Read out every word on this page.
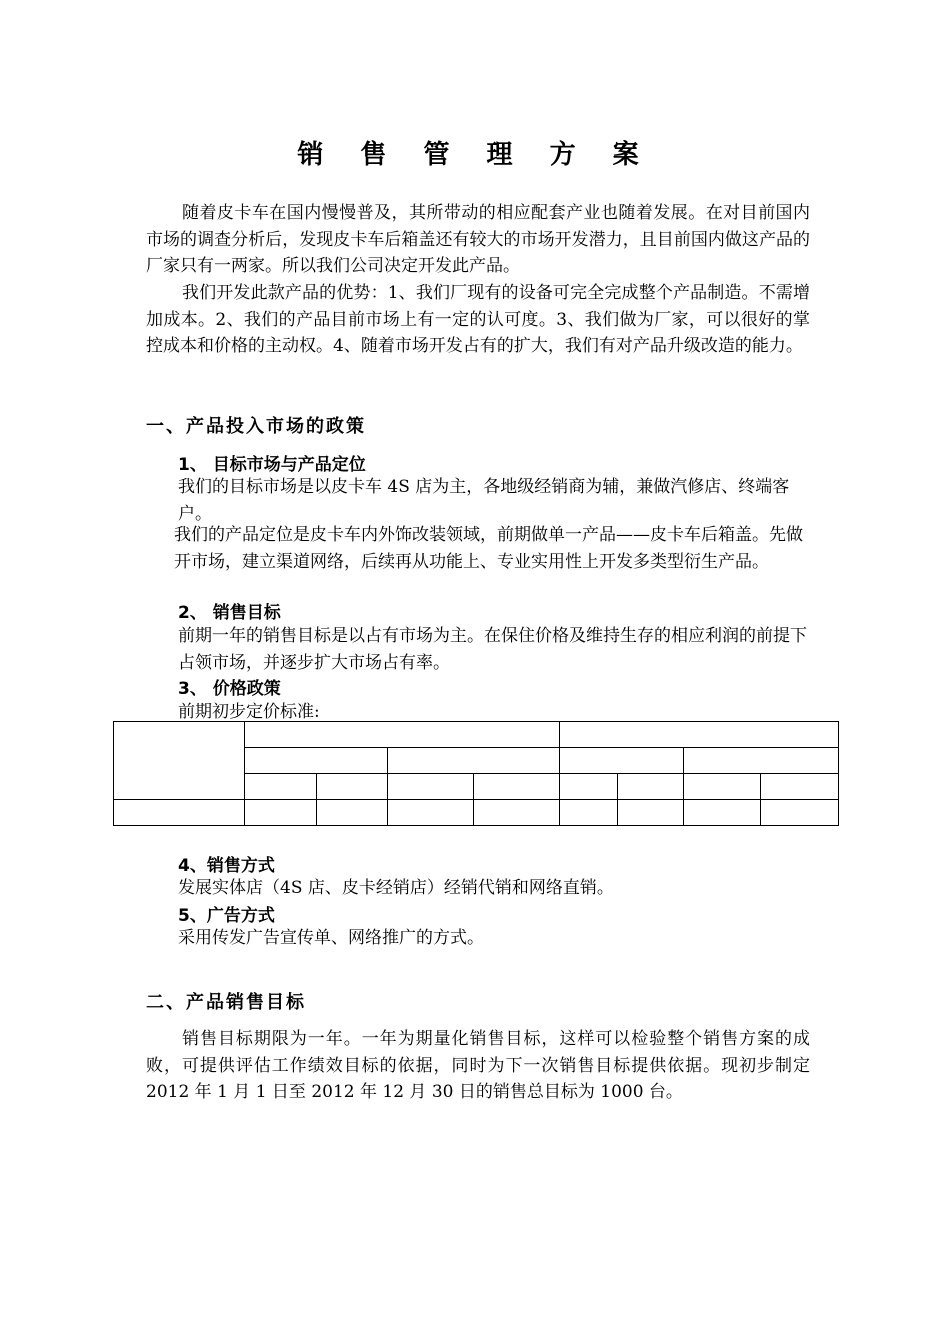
销 售 管 理 方 案

随着皮卡车在国内慢慢普及，其所带动的相应配套产业也随着发展。在对目前国内市场的调查分析后，发现皮卡车后箱盖还有较大的市场开发潜力，且目前国内做这产品的厂家只有一两家。所以我们公司决定开发此产品。

我们开发此款产品的优势：1、我们厂现有的设备可完全完成整个产品制造。不需增加成本。2、我们的产品目前市场上有一定的认可度。3、我们做为厂家，可以很好的掌控成本和价格的主动权。4、随着市场开发占有的扩大，我们有对产品升级改造的能力。

一、产品投入市场的政策
1、 目标市场与产品定位

我们的目标市场是以皮卡车 4S 店为主，各地级经销商为辅，兼做汽修店、终端客户。

我们的产品定位是皮卡车内外饰改装领域，前期做单一产品——皮卡车后箱盖。先做开市场，建立渠道网络，后续再从功能上、专业实用性上开发多类型衍生产品。

2、 销售目标

前期一年的销售目标是以占有市场为主。在保住价格及维持生存的相应利润的前提下占领市场，并逐步扩大市场占有率。

3、 价格政策

前期初步定价标准:

4、销售方式

发展实体店（4S 店、皮卡经销店）经销代销和网络直销。

5、广告方式

采用传发广告宣传单、网络推广的方式。

二、产品销售目标

销售目标期限为一年。一年为期量化销售目标，这样可以检验整个销售方案的成败，可提供评估工作绩效目标的依据，同时为下一次销售目标提供依据。现初步制定 2012 年 1 月 1 日至 2012 年 12 月 30 日的销售总目标为 1000 台。
